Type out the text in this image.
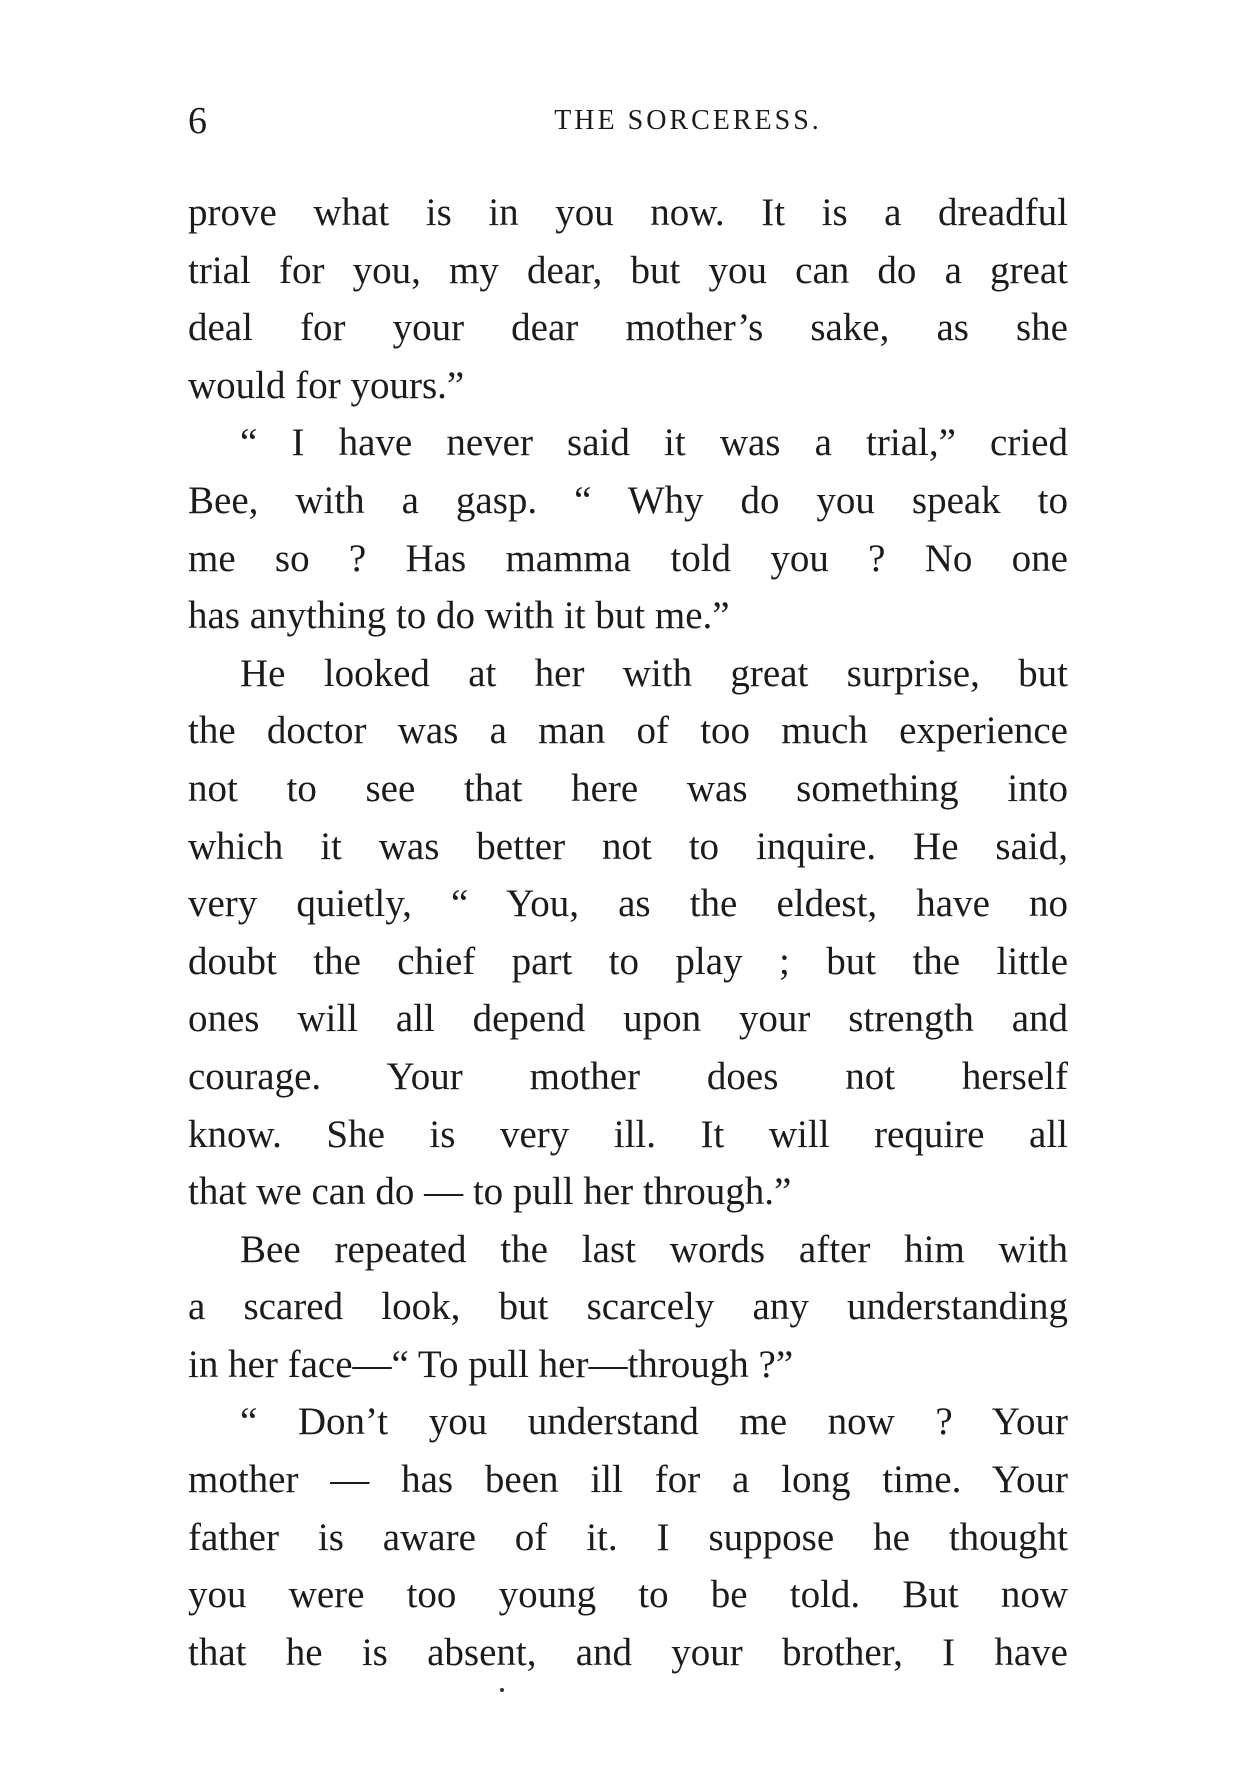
6	THE SORCERESS.
prove what is in you now. It is a dreadful
trial for you, my dear, but you can do a great
deal for your dear mother’s sake, as she
would for yours.”
“ I have never said it was a trial,” cried
Bee, with a gasp. “ Why do you speak to
me so ? Has mamma told you ? No one
has anything to do with it but me.”
He looked at her with great surprise, but
the doctor was a man of too much experience
not to see that here was something into
which it was better not to inquire. He said,
very quietly, “ You, as the eldest, have no
doubt the chief part to play ; but the little
ones will all depend upon your strength and
courage. Your mother does not herself
know. She is very ill. It will require all
that we can do — to pull her through.”
Bee repeated the last words after him with
a scared look, but scarcely any understanding
in her face—“ To pull her—through ?”
“ Don’t you understand me now ? Your
mother — has been ill for a long time. Your
father is aware of it. I suppose he thought
you were too young to be told. But now
that he is absent, and your brother, I have
